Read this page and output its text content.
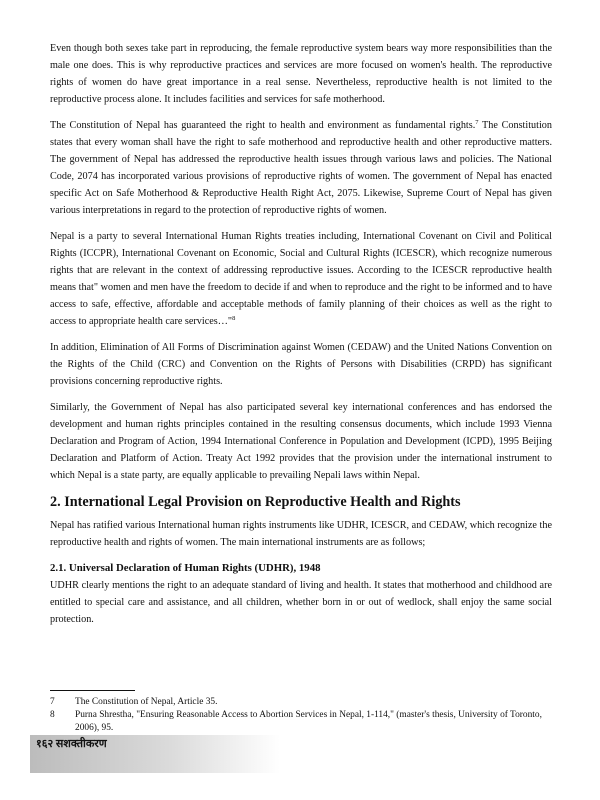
Even though both sexes take part in reproducing, the female reproductive system bears way more responsibilities than the male one does. This is why reproductive practices and services are more focused on women's health. The reproductive rights of women do have great importance in a real sense. Nevertheless, reproductive health is not limited to the reproductive process alone. It includes facilities and services for safe motherhood.

The Constitution of Nepal has guaranteed the right to health and environment as fundamental rights.$^7$ The Constitution states that every woman shall have the right to safe motherhood and reproductive health and other reproductive matters. The government of Nepal has addressed the reproductive health issues through various laws and policies. The National Code, 2074 has incorporated various provisions of reproductive rights of women. The government of Nepal has enacted specific Act on Safe Motherhood & Reproductive Health Right Act, 2075. Likewise, Supreme Court of Nepal has given various interpretations in regard to the protection of reproductive rights of women.

Nepal is a party to several International Human Rights treaties including, International Covenant on Civil and Political Rights (ICCPR), International Covenant on Economic, Social and Cultural Rights (ICESCR), which recognize numerous rights that are relevant in the context of addressing reproductive issues. According to the ICESCR reproductive health means that" women and men have the freedom to decide if and when to reproduce and the right to be informed and to have access to safe, effective, affordable and acceptable methods of family planning of their choices as well as the right to access to appropriate health care services…"$^8$

In addition, Elimination of All Forms of Discrimination against Women (CEDAW) and the United Nations Convention on the Rights of the Child (CRC) and Convention on the Rights of Persons with Disabilities (CRPD) has significant provisions concerning reproductive rights.

Similarly, the Government of Nepal has also participated several key international conferences and has endorsed the development and human rights principles contained in the resulting consensus documents, which include 1993 Vienna Declaration and Program of Action, 1994 International Conference in Population and Development (ICPD), 1995 Beijing Declaration and Platform of Action. Treaty Act 1992 provides that the provision under the international instrument to which Nepal is a state party, are equally applicable to prevailing Nepali laws within Nepal.

2. International Legal Provision on Reproductive Health and Rights

Nepal has ratified various International human rights instruments like UDHR, ICESCR, and CEDAW, which recognize the reproductive health and rights of women. The main international instruments are as follows;

2.1. Universal Declaration of Human Rights (UDHR), 1948

UDHR clearly mentions the right to an adequate standard of living and health. It states that motherhood and childhood are entitled to special care and assistance, and all children, whether born in or out of wedlock, shall enjoy the same social protection.

7	The Constitution of Nepal, Article 35.
8	Purna Shrestha, "Ensuring Reasonable Access to Abortion Services in Nepal, 1-114," (master's thesis, University of Toronto, 2006), 95.
१६२ सशक्तीकरण
